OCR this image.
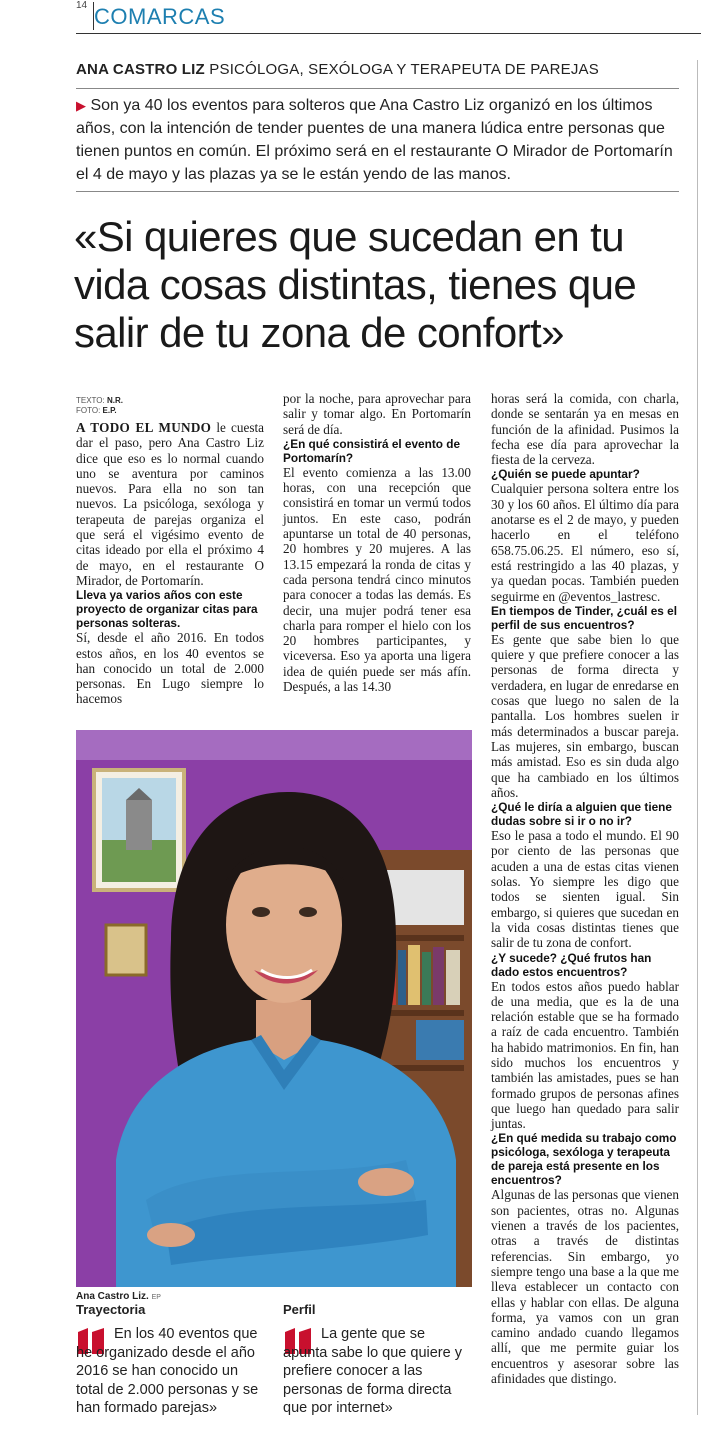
14 COMARCAS
ANA CASTRO LIZ PSICÓLOGA, SEXÓLOGA Y TERAPEUTA DE PAREJAS
▶ Son ya 40 los eventos para solteros que Ana Castro Liz organizó en los últimos años, con la intención de tender puentes de una manera lúdica entre personas que tienen puntos en común. El próximo será en el restaurante O Mirador de Portomarín el 4 de mayo y las plazas ya se le están yendo de las manos.
«Si quieres que sucedan en tu vida cosas distintas, tienes que salir de tu zona de confort»
TEXTO: N.R.
FOTO: E.P.

A TODO EL MUNDO le cuesta dar el paso, pero Ana Castro Liz dice que eso es lo normal cuando uno se aventura por caminos nuevos. Para ella no son tan nuevos. La psicóloga, sexóloga y terapeuta de parejas organiza el que será el vigésimo evento de citas ideado por ella el próximo 4 de mayo, en el restaurante O Mirador, de Portomarín.

Lleva ya varios años con este proyecto de organizar citas para personas solteras.

Sí, desde el año 2016. En todos estos años, en los 40 eventos se han conocido un total de 2.000 personas. En Lugo siempre lo hacemos

por la noche, para aprovechar para salir y tomar algo. En Portomarín será de día.

¿En qué consistirá el evento de Portomarín?

El evento comienza a las 13.00 horas, con una recepción que consistirá en tomar un vermú todos juntos. En este caso, podrán apuntarse un total de 40 personas, 20 hombres y 20 mujeres. A las 13.15 empezará la ronda de citas y cada persona tendrá cinco minutos para conocer a todas las demás. Es decir, una mujer podrá tener esa charla para romper el hielo con los 20 hombres participantes, y viceversa. Eso ya aporta una ligera idea de quién puede ser más afín. Después, a las 14.30

horas será la comida, con charla, donde se sentarán ya en mesas en función de la afinidad. Pusimos la fecha ese día para aprovechar la fiesta de la cerveza.

¿Quién se puede apuntar?

Cualquier persona soltera entre los 30 y los 60 años. El último día para anotarse es el 2 de mayo, y pueden hacerlo en el teléfono 658.75.06.25. El número, eso sí, está restringido a las 40 plazas, y ya quedan pocas. También pueden seguirme en @eventos_lastresc.

En tiempos de Tinder, ¿cuál es el perfil de sus encuentros?

Es gente que sabe bien lo que quiere y que prefiere conocer a las personas de forma directa y verdadera, en lugar de enredarse en cosas que luego no salen de la pantalla. Los hombres suelen ir más determinados a buscar pareja. Las mujeres, sin embargo, buscan más amistad. Eso es sin duda algo que ha cambiado en los últimos años.

¿Qué le diría a alguien que tiene dudas sobre si ir o no ir?

Eso le pasa a todo el mundo. El 90 por ciento de las personas que acuden a una de estas citas vienen solas. Yo siempre les digo que todos se sienten igual. Sin embargo, si quieres que sucedan en la vida cosas distintas tienes que salir de tu zona de confort.

¿Y sucede? ¿Qué frutos han dado estos encuentros?

En todos estos años puedo hablar de una media, que es la de una relación estable que se ha formado a raíz de cada encuentro. También ha habido matrimonios. En fin, han sido muchos los encuentros y también las amistades, pues se han formado grupos de personas afines que luego han quedado para salir juntas.

¿En qué medida su trabajo como psicóloga, sexóloga y terapeuta de pareja está presente en los encuentros?

Algunas de las personas que vienen son pacientes, otras no. Algunas vienen a través de los pacientes, otras a través de distintas referencias. Sin embargo, yo siempre tengo una base a la que me lleva establecer un contacto con ellas y hablar con ellas. De alguna forma, ya vamos con un gran camino andado cuando llegamos allí, que me permite guiar los encuentros y asesorar sobre las afinidades que distingo.

Ana Castro Liz. EP
Trayectoria
En los 40 eventos que he organizado desde el año 2016 se han conocido un total de 2.000 personas y se han formado parejas»
Perfil
La gente que se apunta sabe lo que quiere y prefiere conocer a las personas de forma directa que por internet»
